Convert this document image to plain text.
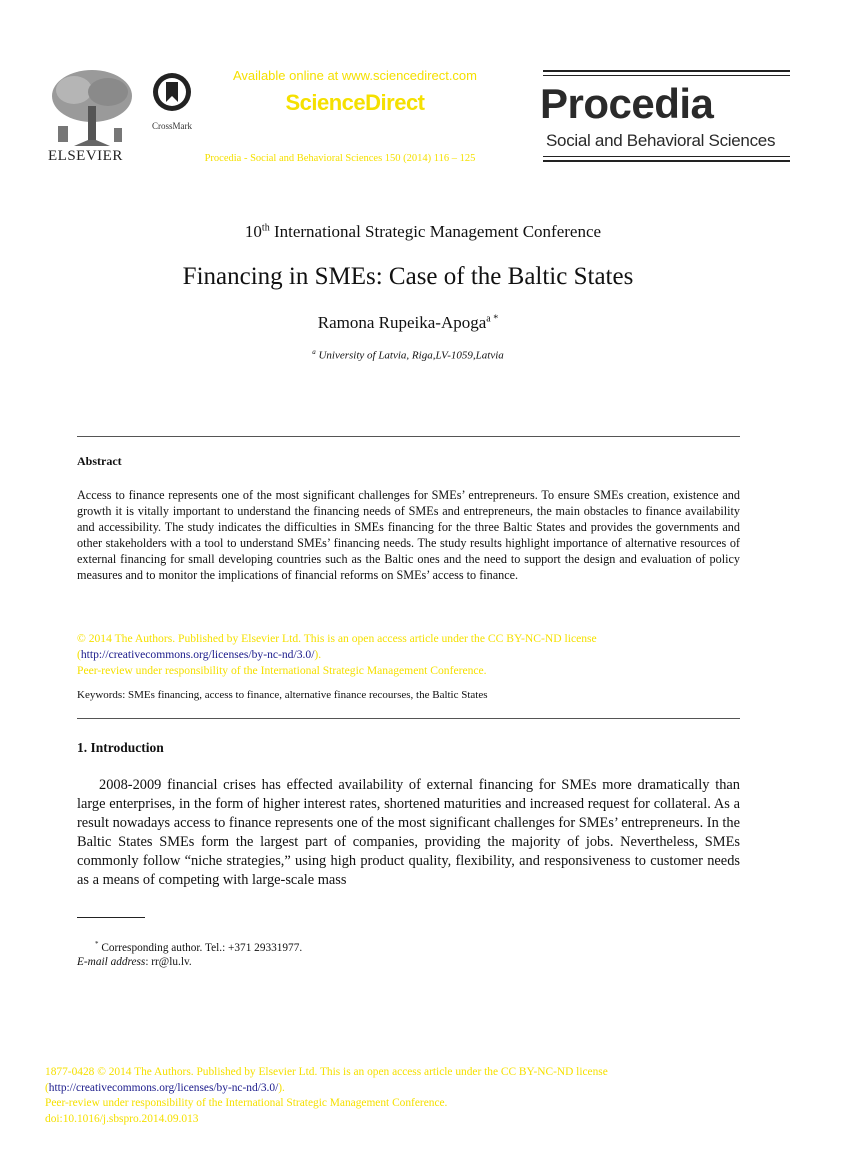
ELSEVIER
CrossMark
Available online at www.sciencedirect.com
ScienceDirect
Procedia - Social and Behavioral Sciences 150 (2014) 116 – 125
Procedia
Social and Behavioral Sciences
10th International Strategic Management Conference
Financing in SMEs: Case of the Baltic States
Ramona Rupeika-Apoga$^{a *}$
$^a$ University of Latvia, Riga,LV-1059,Latvia
Abstract
Access to finance represents one of the most significant challenges for SMEs’ entrepreneurs. To ensure SMEs creation, existence and growth it is vitally important to understand the financing needs of SMEs and entrepreneurs, the main obstacles to finance availability and accessibility. The study indicates the difficulties in SMEs financing for the three Baltic States and provides the governments and other stakeholders with a tool to understand SMEs’ financing needs. The study results highlight importance of alternative resources of external financing for small developing countries such as the Baltic ones and the need to support the design and evaluation of policy measures and to monitor the implications of financial reforms on SMEs’ access to finance.
© 2014 The Authors. Published by Elsevier Ltd. This is an open access article under the CC BY-NC-ND license
(http://creativecommons.org/licenses/by-nc-nd/3.0/).
Peer-review under responsibility of the International Strategic Management Conference.
Keywords: SMEs financing, access to finance, alternative finance recourses, the Baltic States
1. Introduction
2008-2009 financial crises has effected availability of external financing for SMEs more dramatically than large enterprises, in the form of higher interest rates, shortened maturities and increased request for collateral. As a result nowadays access to finance represents one of the most significant challenges for SMEs’ entrepreneurs. In the Baltic States SMEs form the largest part of companies, providing the majority of jobs. Nevertheless, SMEs commonly follow “niche strategies,” using high product quality, flexibility, and responsiveness to customer needs as a means of competing with large-scale mass
* Corresponding author. Tel.: +371 29331977.
E-mail address: rr@lu.lv.
1877-0428 © 2014 The Authors. Published by Elsevier Ltd. This is an open access article under the CC BY-NC-ND license
(http://creativecommons.org/licenses/by-nc-nd/3.0/).
Peer-review under responsibility of the International Strategic Management Conference.
doi:10.1016/j.sbspro.2014.09.013
